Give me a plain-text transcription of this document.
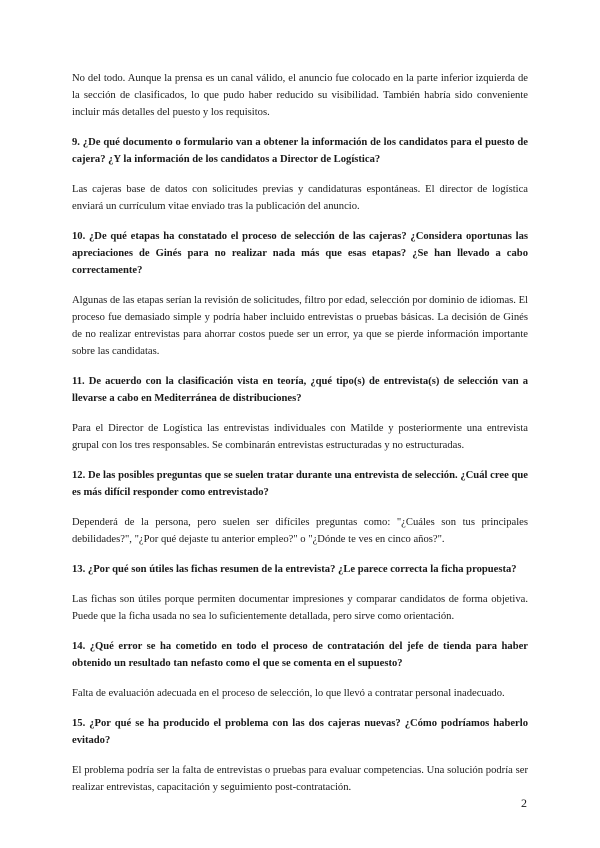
No del todo. Aunque la prensa es un canal válido, el anuncio fue colocado en la parte inferior izquierda de la sección de clasificados, lo que pudo haber reducido su visibilidad. También habría sido conveniente incluir más detalles del puesto y los requisitos.

9. ¿De qué documento o formulario van a obtener la información de los candidatos para el puesto de cajera? ¿Y la información de los candidatos a Director de Logística?

Las cajeras base de datos con solicitudes previas y candidaturas espontáneas. El director de logística enviará un currículum vitae enviado tras la publicación del anuncio.

10. ¿De qué etapas ha constatado el proceso de selección de las cajeras? ¿Considera oportunas las apreciaciones de Ginés para no realizar nada más que esas etapas? ¿Se han llevado a cabo correctamente?

Algunas de las etapas serían la revisión de solicitudes, filtro por edad, selección por dominio de idiomas. El proceso fue demasiado simple y podría haber incluido entrevistas o pruebas básicas. La decisión de Ginés de no realizar entrevistas para ahorrar costos puede ser un error, ya que se pierde información importante sobre las candidatas.

11. De acuerdo con la clasificación vista en teoría, ¿qué tipo(s) de entrevista(s) de selección van a llevarse a cabo en Mediterránea de distribuciones?

Para el Director de Logística las entrevistas individuales con Matilde y posteriormente una entrevista grupal con los tres responsables. Se combinarán entrevistas estructuradas y no estructuradas.

12. De las posibles preguntas que se suelen tratar durante una entrevista de selección. ¿Cuál cree que es más difícil responder como entrevistado?

Dependerá de la persona, pero suelen ser difíciles preguntas como: "¿Cuáles son tus principales debilidades?", "¿Por qué dejaste tu anterior empleo?" o "¿Dónde te ves en cinco años?".

13. ¿Por qué son útiles las fichas resumen de la entrevista? ¿Le parece correcta la ficha propuesta?

Las fichas son útiles porque permiten documentar impresiones y comparar candidatos de forma objetiva. Puede que la ficha usada no sea lo suficientemente detallada, pero sirve como orientación.

14. ¿Qué error se ha cometido en todo el proceso de contratación del jefe de tienda para haber obtenido un resultado tan nefasto como el que se comenta en el supuesto?

Falta de evaluación adecuada en el proceso de selección, lo que llevó a contratar personal inadecuado.

15. ¿Por qué se ha producido el problema con las dos cajeras nuevas? ¿Cómo podríamos haberlo evitado?

El problema podría ser la falta de entrevistas o pruebas para evaluar competencias. Una solución podría ser realizar entrevistas, capacitación y seguimiento post-contratación.

2
